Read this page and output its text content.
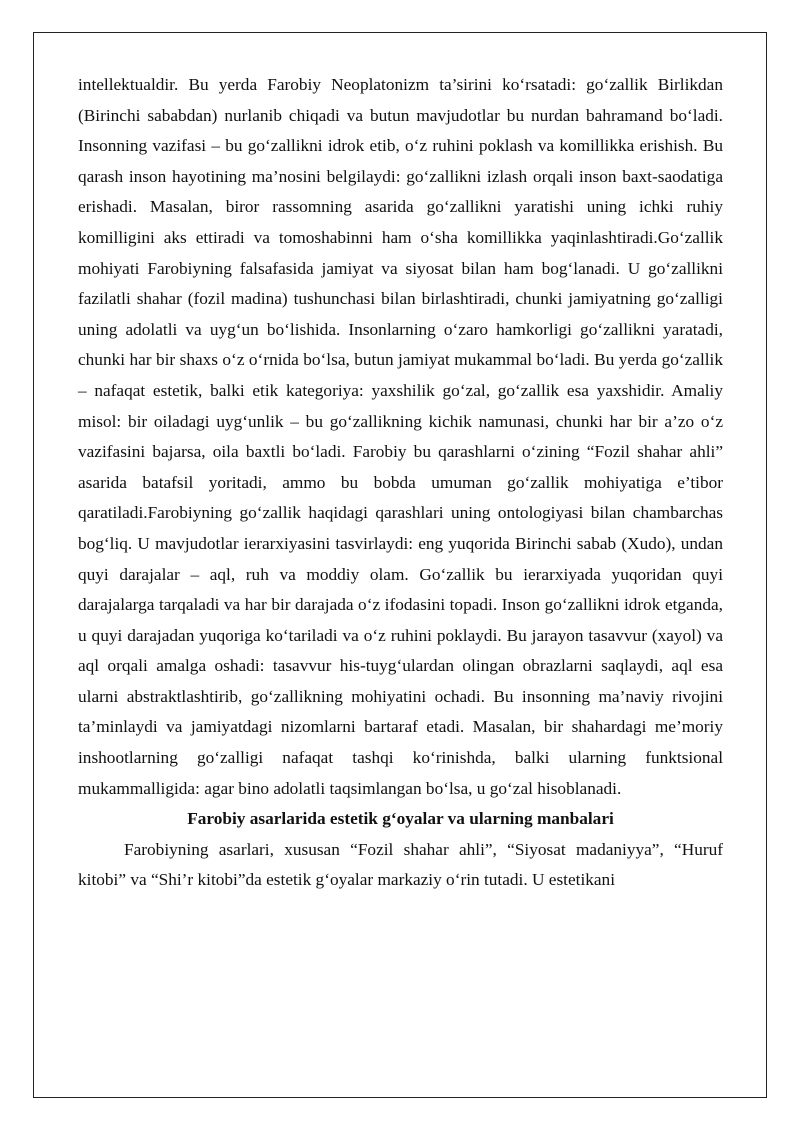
intellektualdir. Bu yerda Farobiy Neoplatonizm ta’sirini ko‘rsatadi: go‘zallik Birlikdan (Birinchi sababdan) nurlanib chiqadi va butun mavjudotlar bu nurdan bahramand bo‘ladi. Insonning vazifasi – bu go‘zallikni idrok etib, o‘z ruhini poklash va komillikka erishish. Bu qarash inson hayotining ma’nosini belgilaydi: go‘zallikni izlash orqali inson baxt-saodatiga erishadi. Masalan, biror rassomning asarida go‘zallikni yaratishi uning ichki ruhiy komilligini aks ettiradi va tomoshabinni ham o‘sha komillikka yaqinlashtiradi.Go‘zallik mohiyati Farobiyning falsafasida jamiyat va siyosat bilan ham bog‘lanadi. U go‘zallikni fazilatli shahar (fozil madina) tushunchasi bilan birlashtiradi, chunki jamiyatning go‘zalligi uning adolatli va uyg‘un bo‘lishida. Insonlarning o‘zaro hamkorligi go‘zallikni yaratadi, chunki har bir shaxs o‘z o‘rnida bo‘lsa, butun jamiyat mukammal bo‘ladi. Bu yerda go‘zallik – nafaqat estetik, balki etik kategoriya: yaxshilik go‘zal, go‘zallik esa yaxshidir. Amaliy misol: bir oiladagi uyg‘unlik – bu go‘zallikning kichik namunasi, chunki har bir a’zo o‘z vazifasini bajarsa, oila baxtli bo‘ladi. Farobiy bu qarashlarni o‘zining “Fozil shahar ahli” asarida batafsil yoritadi, ammo bu bobda umuman go‘zallik mohiyatiga e’tibor qaratiladi.Farobiyning go‘zallik haqidagi qarashlari uning ontologiyasi bilan chambarchas bog‘liq. U mavjudotlar ierarxiyasini tasvirlaydi: eng yuqorida Birinchi sabab (Xudo), undan quyi darajalar – aql, ruh va moddiy olam. Go‘zallik bu ierarxiyada yuqoridan quyi darajalarga tarqaladi va har bir darajada o‘z ifodasini topadi. Inson go‘zallikni idrok etganda, u quyi darajadan yuqoriga ko‘tariladi va o‘z ruhini poklaydi. Bu jarayon tasavvur (xayol) va aql orqali amalga oshadi: tasavvur his-tuyg‘ulardan olingan obrazlarni saqlaydi, aql esa ularni abstraktlashtirib, go‘zallikning mohiyatini ochadi. Bu insonning ma’naviy rivojini ta’minlaydi va jamiyatdagi nizomlarni bartaraf etadi. Masalan, bir shahardagi me’moriy inshootlarning go‘zalligi nafaqat tashqi ko‘rinishda, balki ularning funktsional mukammalligida: agar bino adolatli taqsimlangan bo‘lsa, u go‘zal hisoblanadi.

Farobiy asarlarida estetik g‘oyalar va ularning manbalari

Farobiyning asarlari, xususan “Fozil shahar ahli”, “Siyosat madaniyya”, “Huruf kitobi” va “Shi’r kitobi”da estetik g‘oyalar markaziy o‘rin tutadi. U estetikani
